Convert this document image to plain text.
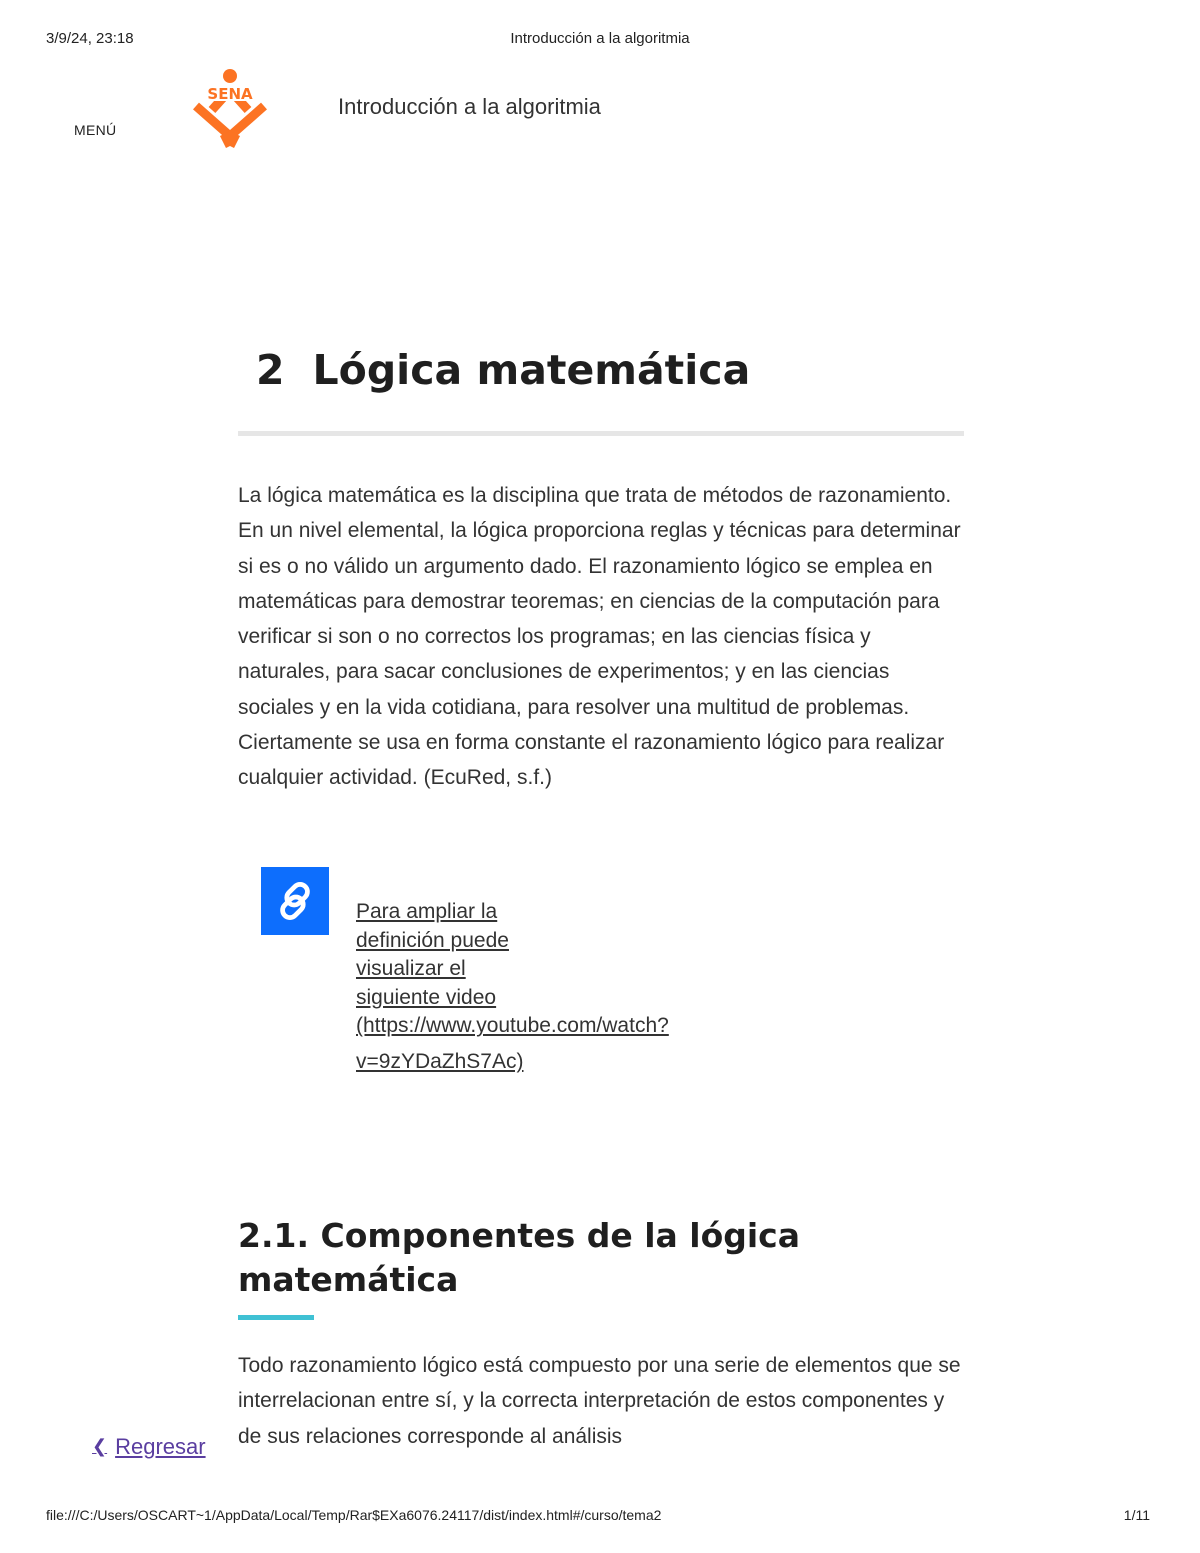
3/9/24, 23:18	Introducción a la algoritmia
MENÚ
SENA	Introducción a la algoritmia
2 Lógica matemática

La lógica matemática es la disciplina que trata de métodos de razonamiento. En un nivel elemental, la lógica proporciona reglas y técnicas para determinar si es o no válido un argumento dado. El razonamiento lógico se emplea en matemáticas para demostrar teoremas; en ciencias de la computación para verificar si son o no correctos los programas; en las ciencias física y naturales, para sacar conclusiones de experimentos; y en las ciencias sociales y en la vida cotidiana, para resolver una multitud de problemas. Ciertamente se usa en forma constante el razonamiento lógico para realizar cualquier actividad. (EcuRed, s.f.)

Para ampliar la
definición puede
visualizar el
siguiente video
(https://www.youtube.com/watch?
v=9zYDaZhS7Ac)
2.1. Componentes de la lógica matemática

Todo razonamiento lógico está compuesto por una serie de elementos que se interrelacionan entre sí, y la correcta interpretación de estos componentes y de sus relaciones corresponde al análisis

❮ Regresar
file:///C:/Users/OSCART~1/AppData/Local/Temp/Rar$EXa6076.24117/dist/index.html#/curso/tema2	1/11
